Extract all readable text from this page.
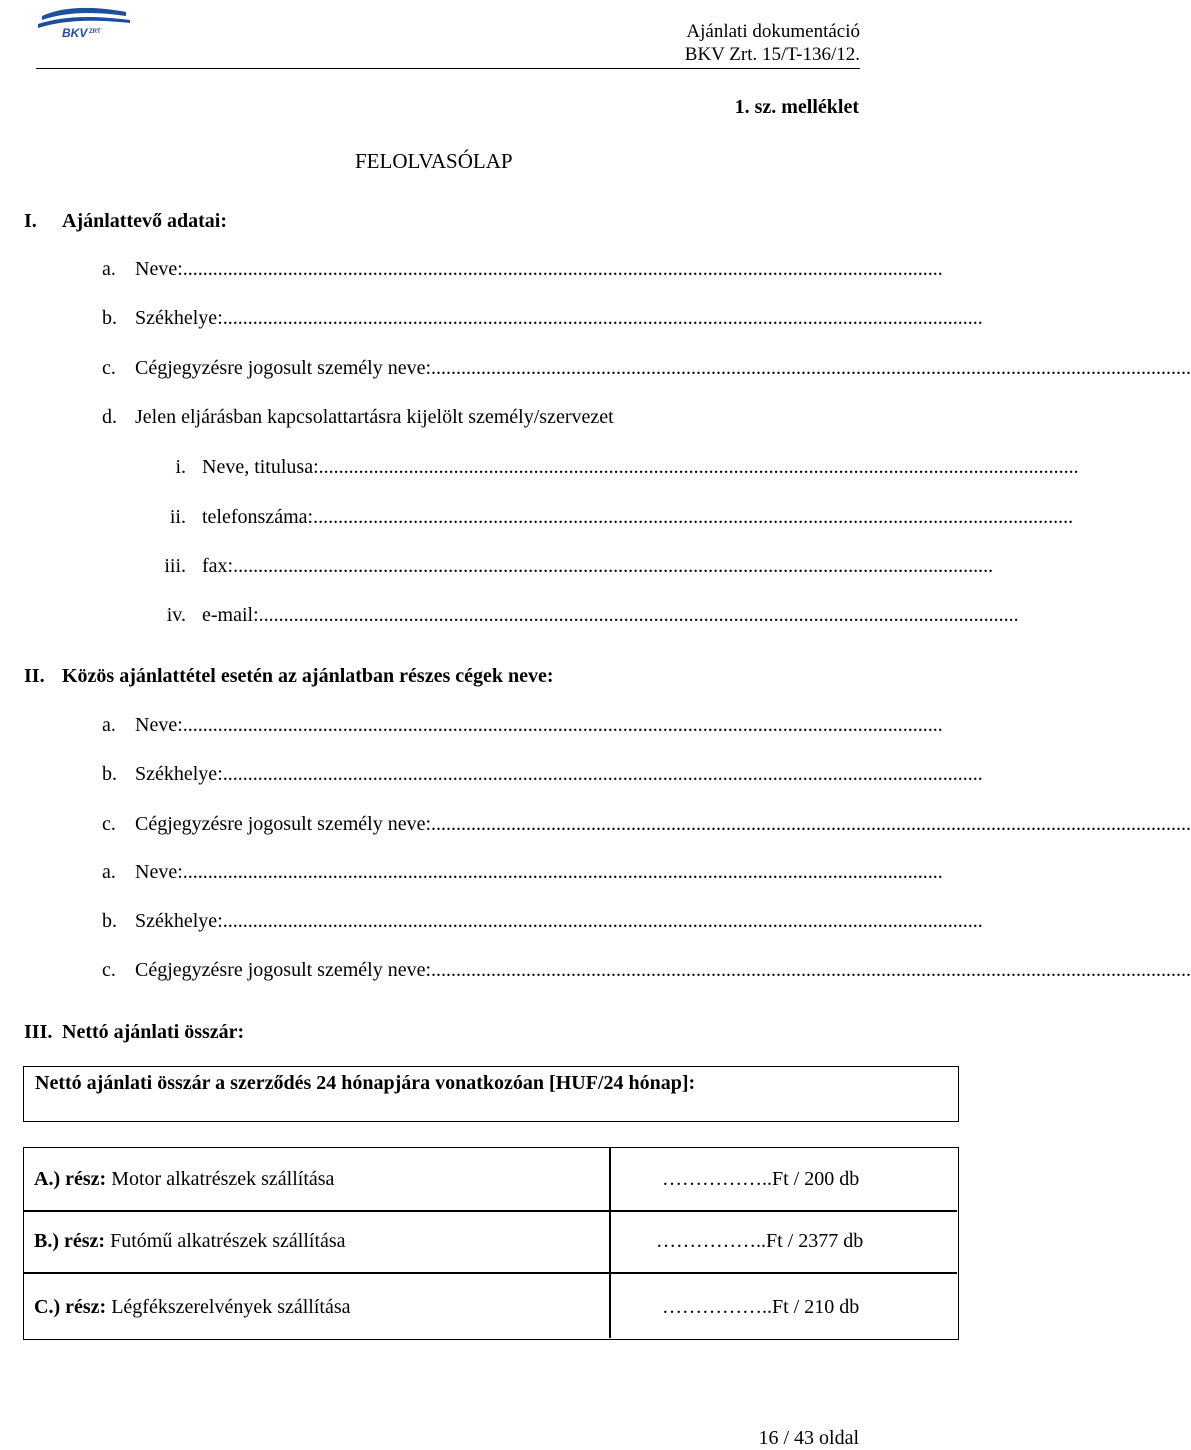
BKV ZRT	Ajánlati dokumentáció
BKV Zrt. 15/T-136/12.
1. sz. melléklet
FELOLVASÓLAP
I. Ajánlattevő adatai:
a. Neve:........................................................................................................................................................
b. Székhelye:........................................................................................................................................................
c. Cégjegyzésre jogosult személy neve:........................................................................................................................................................
d. Jelen eljárásban kapcsolattartásra kijelölt személy/szervezet
i. Neve, titulusa:........................................................................................................................................................
ii. telefonszáma:........................................................................................................................................................
iii. fax:........................................................................................................................................................
iv. e-mail:........................................................................................................................................................
II. Közös ajánlattétel esetén az ajánlatban részes cégek neve:
a. Neve:........................................................................................................................................................
b. Székhelye:........................................................................................................................................................
c. Cégjegyzésre jogosult személy neve:........................................................................................................................................................
a. Neve:........................................................................................................................................................
b. Székhelye:........................................................................................................................................................
c. Cégjegyzésre jogosult személy neve:........................................................................................................................................................
III. Nettó ajánlati összár:
Nettó ajánlati összár a szerződés 24 hónapjára vonatkozóan [HUF/24 hónap]:
A.) rész: Motor alkatrészek szállítása	……………..Ft / 200 db
B.) rész: Futómű alkatrészek szállítása	……………..Ft / 2377 db
C.) rész: Légfékszerelvények szállítása	……………..Ft / 210 db
16 / 43 oldal
